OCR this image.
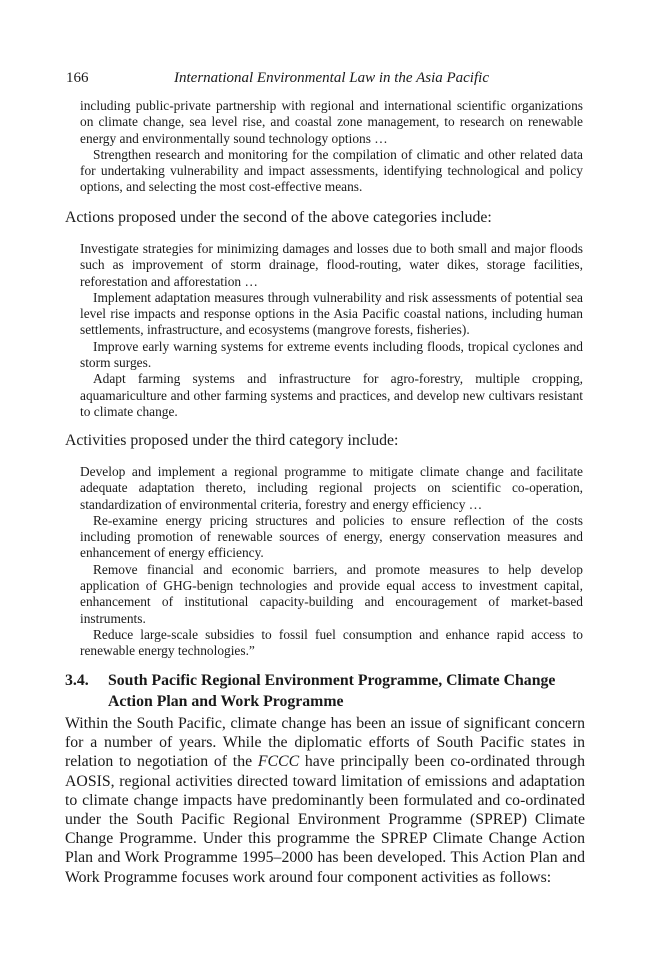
166	International Environmental Law in the Asia Pacific

including public-private partnership with regional and international scientific organizations on climate change, sea level rise, and coastal zone management, to research on renewable energy and environmentally sound technology options …

Strengthen research and monitoring for the compilation of climatic and other related data for undertaking vulnerability and impact assessments, identifying technological and policy options, and selecting the most cost-effective means.

Actions proposed under the second of the above categories include:

Investigate strategies for minimizing damages and losses due to both small and major floods such as improvement of storm drainage, flood-routing, water dikes, storage facilities, reforestation and afforestation …

Implement adaptation measures through vulnerability and risk assessments of potential sea level rise impacts and response options in the Asia Pacific coastal nations, including human settlements, infrastructure, and ecosystems (mangrove forests, fisheries).

Improve early warning systems for extreme events including floods, tropical cyclones and storm surges.

Adapt farming systems and infrastructure for agro-forestry, multiple cropping, aquamariculture and other farming systems and practices, and develop new cultivars resistant to climate change.

Activities proposed under the third category include:

Develop and implement a regional programme to mitigate climate change and facilitate adequate adaptation thereto, including regional projects on scientific co-operation, standardization of environmental criteria, forestry and energy efficiency …

Re-examine energy pricing structures and policies to ensure reflection of the costs including promotion of renewable sources of energy, energy conservation measures and enhancement of energy efficiency.

Remove financial and economic barriers, and promote measures to help develop application of GHG-benign technologies and provide equal access to investment capital, enhancement of institutional capacity-building and encouragement of market-based instruments.

Reduce large-scale subsidies to fossil fuel consumption and enhance rapid access to renewable energy technologies.”

3.4. South Pacific Regional Environment Programme, Climate Change Action Plan and Work Programme

Within the South Pacific, climate change has been an issue of significant concern for a number of years. While the diplomatic efforts of South Pacific states in relation to negotiation of the FCCC have principally been co-ordinated through AOSIS, regional activities directed toward limitation of emissions and adaptation to climate change impacts have predominantly been formulated and co-ordinated under the South Pacific Regional Environment Programme (SPREP) Climate Change Programme. Under this programme the SPREP Climate Change Action Plan and Work Programme 1995–2000 has been developed. This Action Plan and Work Programme focuses work around four component activities as follows:
